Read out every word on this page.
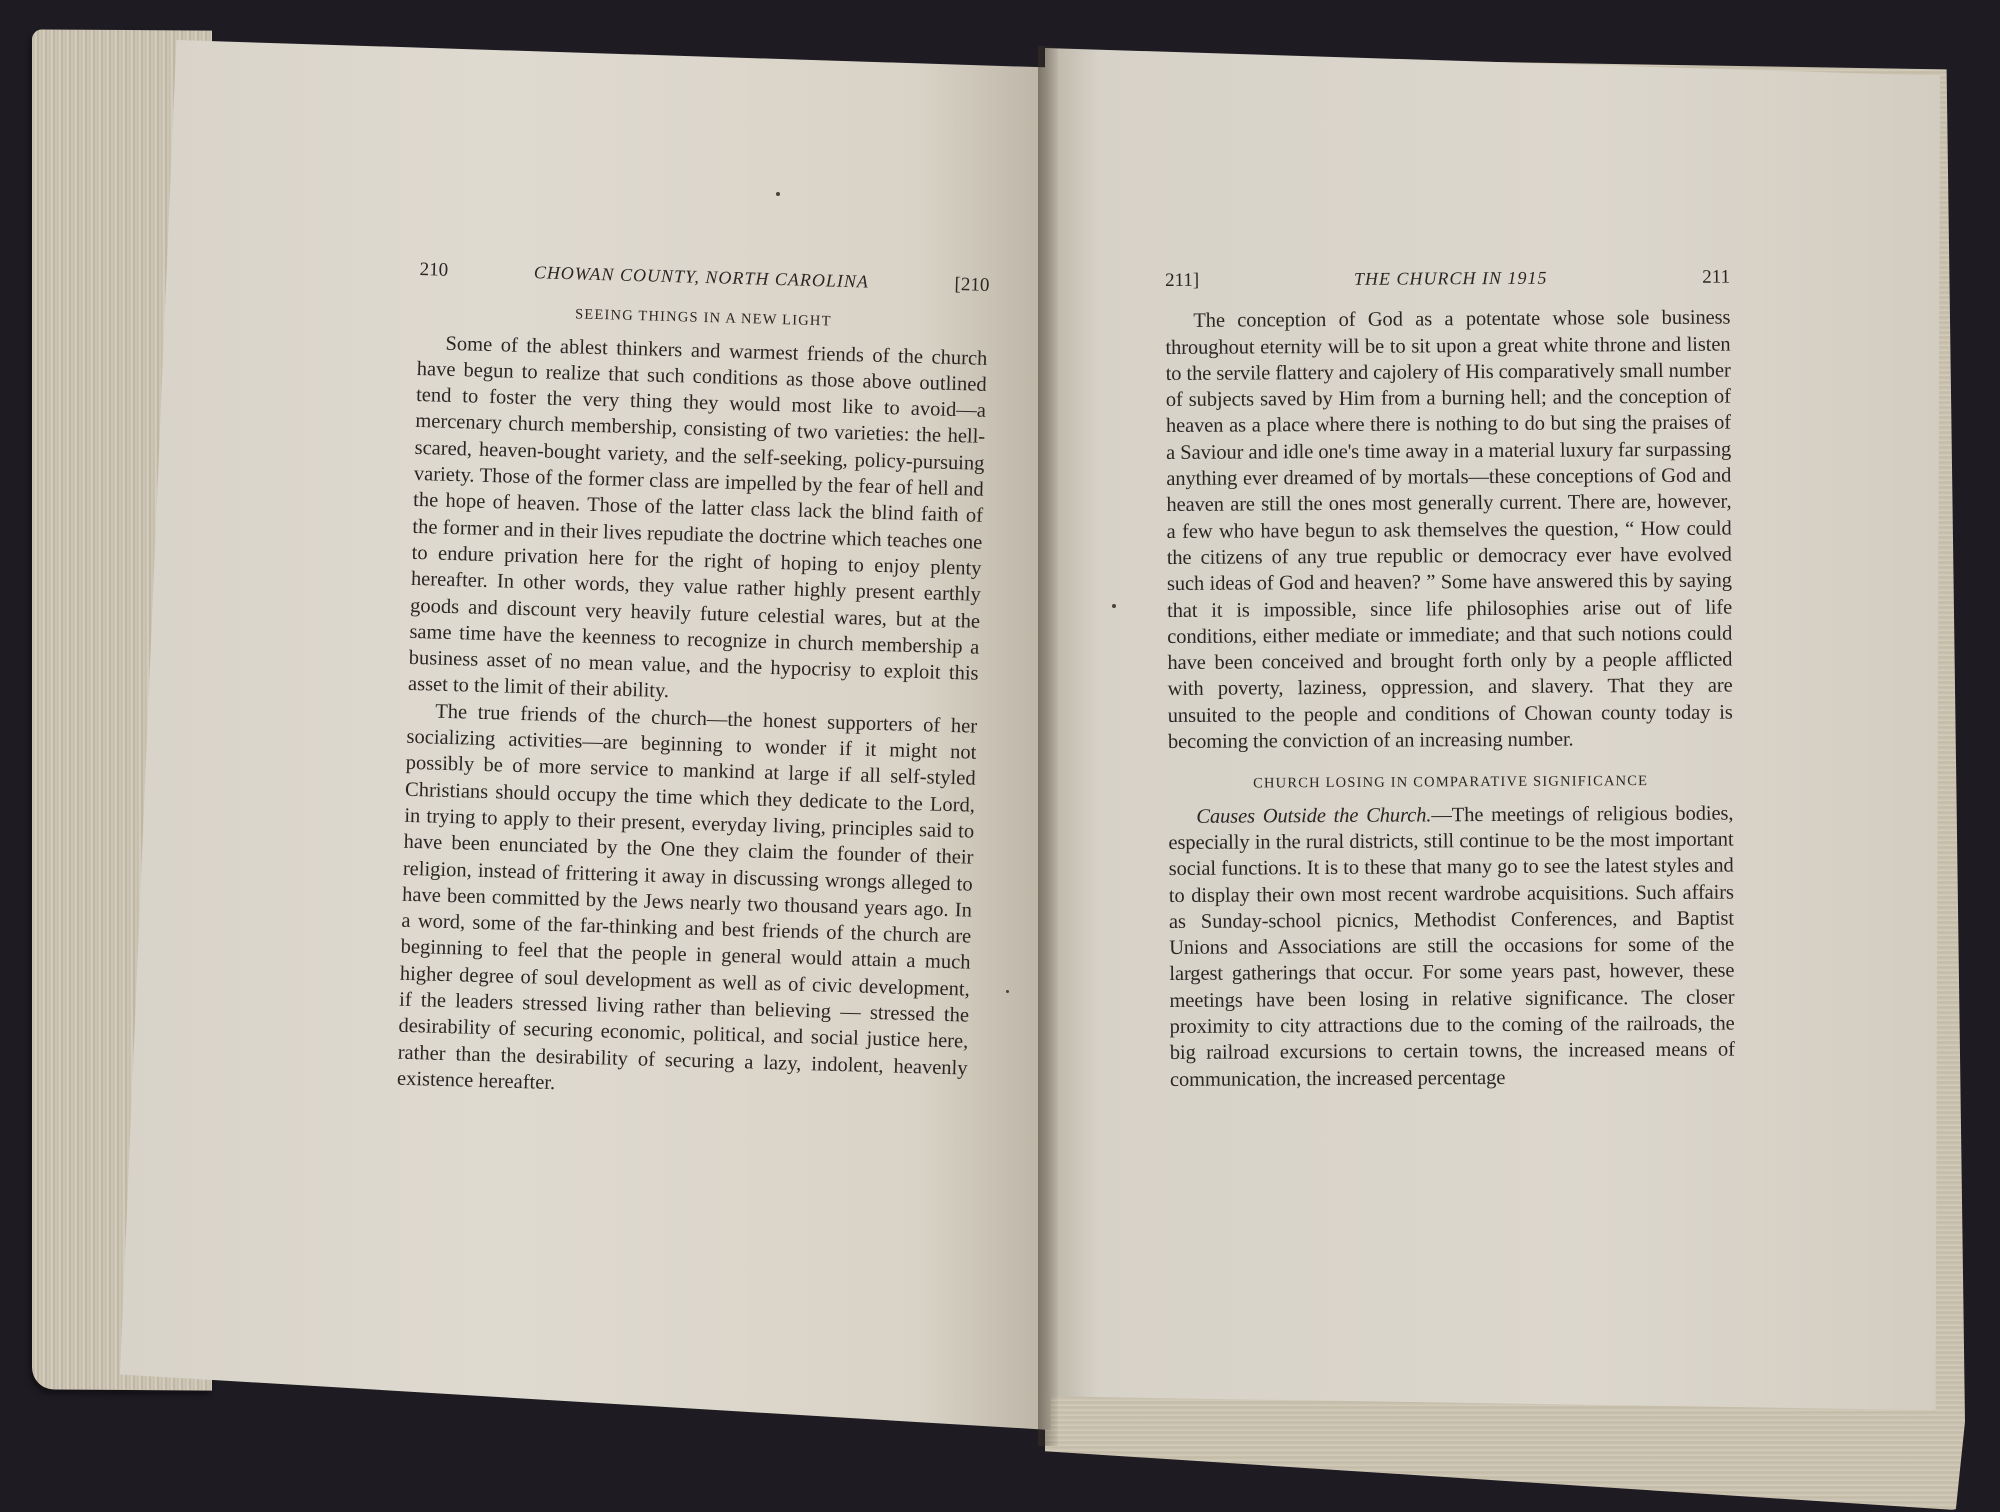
210	CHOWAN COUNTY, NORTH CAROLINA	[210
SEEING THINGS IN A NEW LIGHT

Some of the ablest thinkers and warmest friends of the church have begun to realize that such conditions as those above outlined tend to foster the very thing they would most like to avoid—a mercenary church membership, consisting of two varieties: the hell-scared, heaven-bought variety, and the self-seeking, policy-pursuing variety. Those of the former class are impelled by the fear of hell and the hope of heaven. Those of the latter class lack the blind faith of the former and in their lives repudiate the doctrine which teaches one to endure privation here for the right of hoping to enjoy plenty hereafter. In other words, they value rather highly present earthly goods and discount very heavily future celestial wares, but at the same time have the keenness to recognize in church membership a business asset of no mean value, and the hypocrisy to exploit this asset to the limit of their ability.

The true friends of the church—the honest supporters of her socializing activities—are beginning to wonder if it might not possibly be of more service to mankind at large if all self-styled Christians should occupy the time which they dedicate to the Lord, in trying to apply to their present, everyday living, principles said to have been enunciated by the One they claim the founder of their religion, instead of frittering it away in discussing wrongs alleged to have been committed by the Jews nearly two thousand years ago. In a word, some of the far-thinking and best friends of the church are beginning to feel that the people in general would attain a much higher degree of soul development as well as of civic development, if the leaders stressed living rather than believing — stressed the desirability of securing economic, political, and social justice here, rather than the desirability of securing a lazy, indolent, heavenly existence hereafter.

211]	THE CHURCH IN 1915	211

The conception of God as a potentate whose sole business throughout eternity will be to sit upon a great white throne and listen to the servile flattery and cajolery of His comparatively small number of subjects saved by Him from a burning hell; and the conception of heaven as a place where there is nothing to do but sing the praises of a Saviour and idle one's time away in a material luxury far surpassing anything ever dreamed of by mortals—these conceptions of God and heaven are still the ones most generally current. There are, however, a few who have begun to ask themselves the question, “ How could the citizens of any true republic or democracy ever have evolved such ideas of God and heaven? ” Some have answered this by saying that it is impossible, since life philosophies arise out of life conditions, either mediate or immediate; and that such notions could have been conceived and brought forth only by a people afflicted with poverty, laziness, oppression, and slavery. That they are unsuited to the people and conditions of Chowan county today is becoming the conviction of an increasing number.

CHURCH LOSING IN COMPARATIVE SIGNIFICANCE

Causes Outside the Church.—The meetings of religious bodies, especially in the rural districts, still continue to be the most important social functions. It is to these that many go to see the latest styles and to display their own most recent wardrobe acquisitions. Such affairs as Sunday-school picnics, Methodist Conferences, and Baptist Unions and Associations are still the occasions for some of the largest gatherings that occur. For some years past, however, these meetings have been losing in relative significance. The closer proximity to city attractions due to the coming of the railroads, the big railroad excursions to certain towns, the increased means of communication, the increased percentage
